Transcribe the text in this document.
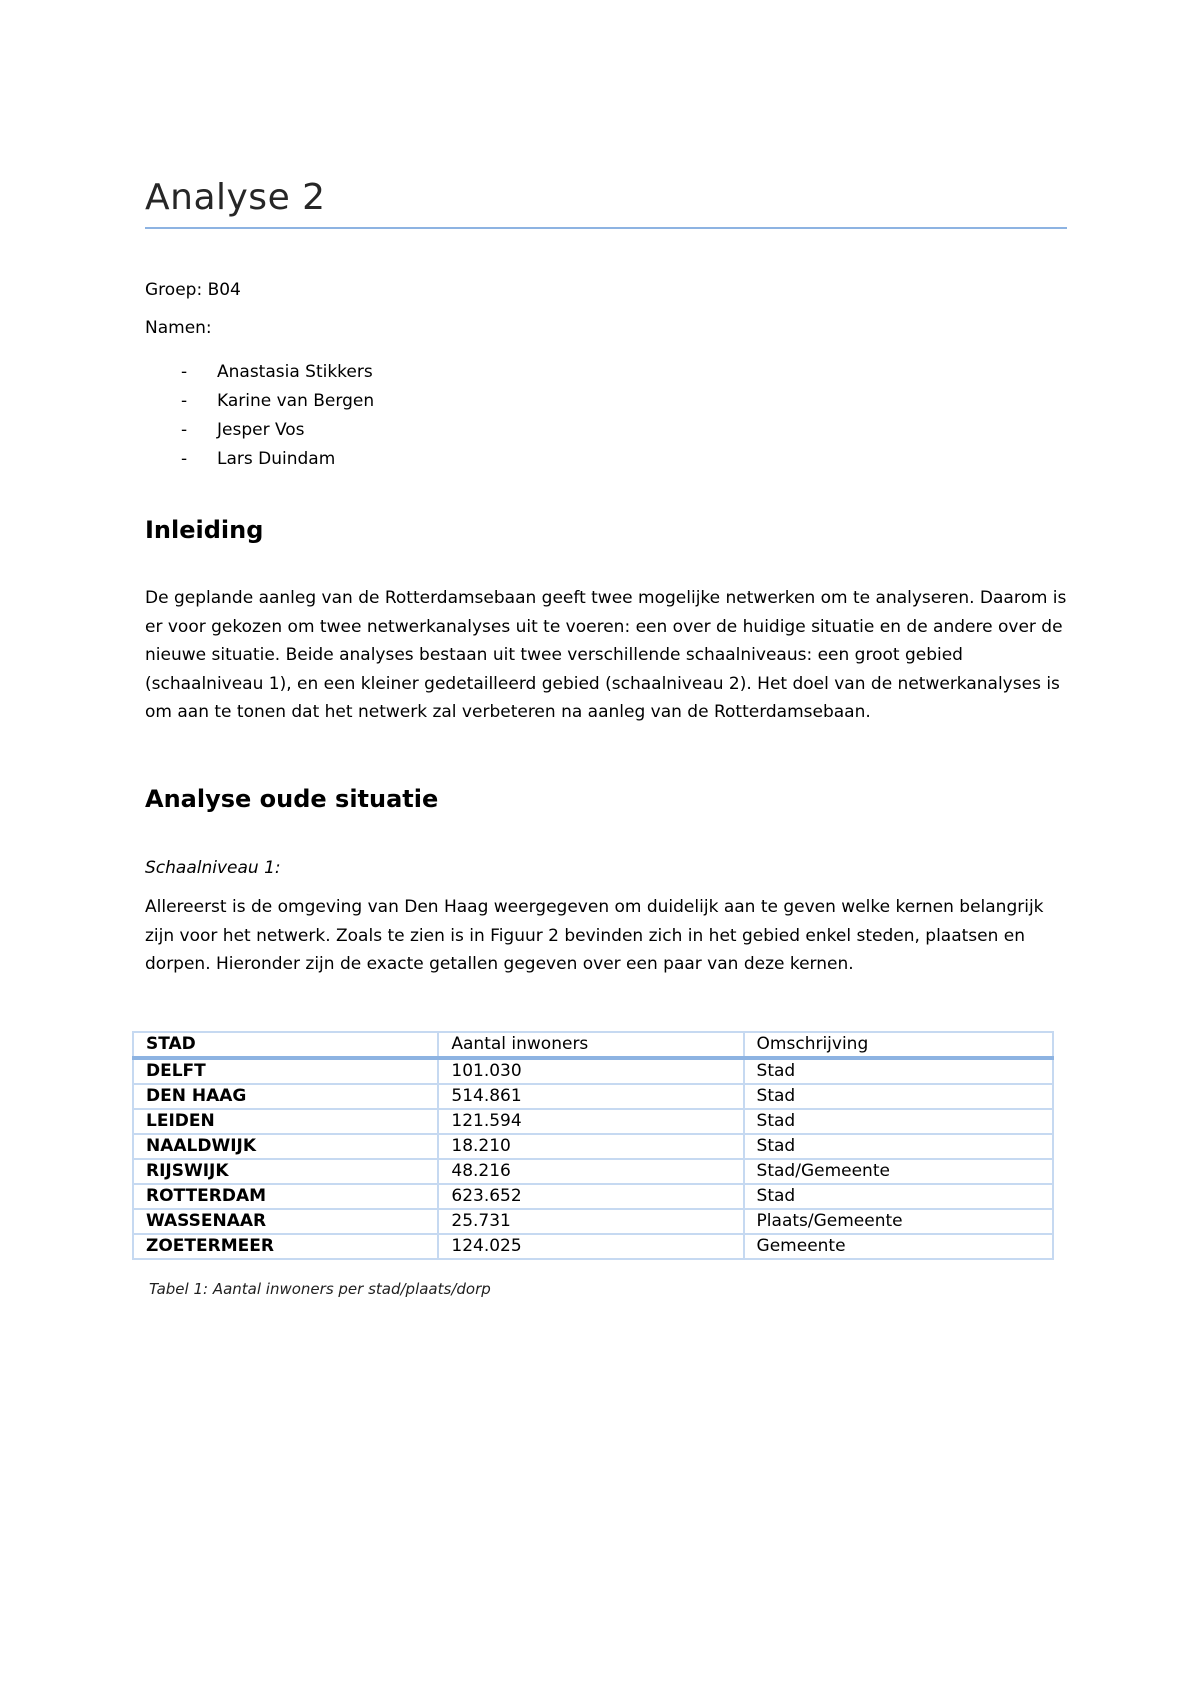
Analyse 2

Groep: B04

Namen:

- Anastasia Stikkers
- Karine van Bergen
- Jesper Vos
- Lars Duindam
Inleiding

De geplande aanleg van de Rotterdamsebaan geeft twee mogelijke netwerken om te analyseren. Daarom is er voor gekozen om twee netwerkanalyses uit te voeren: een over de huidige situatie en de andere over de nieuwe situatie. Beide analyses bestaan uit twee verschillende schaalniveaus: een groot gebied (schaalniveau 1), en een kleiner gedetailleerd gebied (schaalniveau 2). Het doel van de netwerkanalyses is om aan te tonen dat het netwerk zal verbeteren na aanleg van de Rotterdamsebaan.

Analyse oude situatie

Schaalniveau 1:

Allereerst is de omgeving van Den Haag weergegeven om duidelijk aan te geven welke kernen belangrijk zijn voor het netwerk. Zoals te zien is in Figuur 2 bevinden zich in het gebied enkel steden, plaatsen en dorpen. Hieronder zijn de exacte getallen gegeven over een paar van deze kernen.

STAD	Aantal inwoners	Omschrijving
DELFT	101.030	Stad
DEN HAAG	514.861	Stad
LEIDEN	121.594	Stad
NAALDWIJK	18.210	Stad
RIJSWIJK	48.216	Stad/Gemeente
ROTTERDAM	623.652	Stad
WASSENAAR	25.731	Plaats/Gemeente
ZOETERMEER	124.025	Gemeente

Tabel 1: Aantal inwoners per stad/plaats/dorp
